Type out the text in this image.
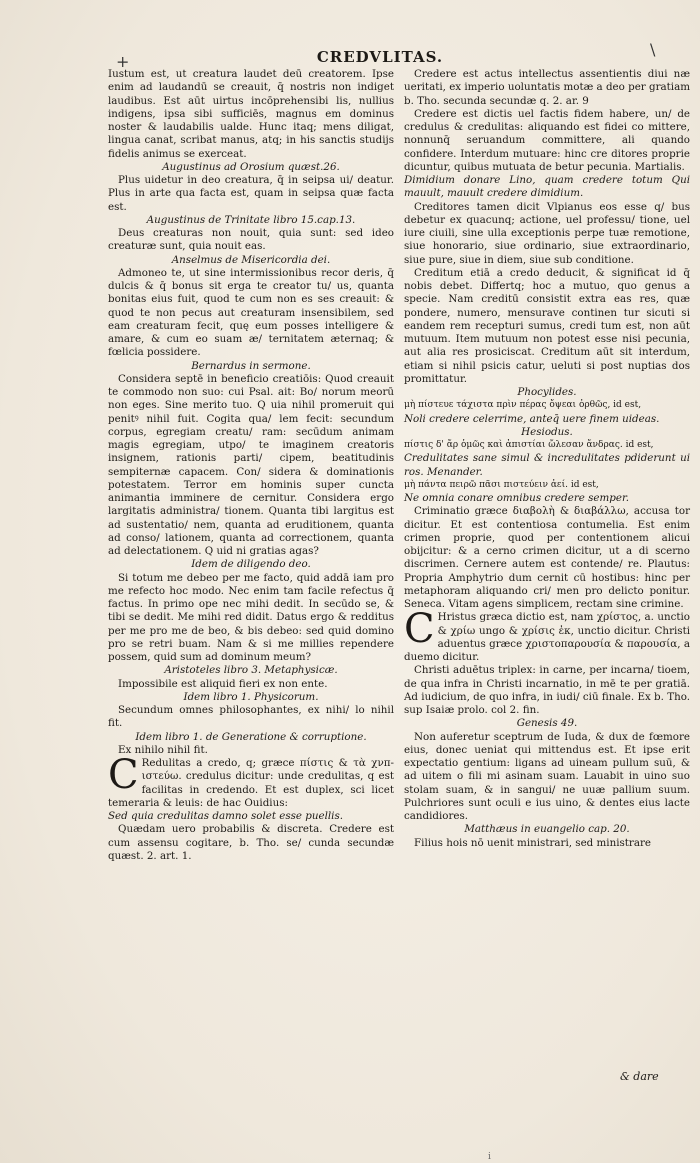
+
\
CREDVLITAS.

Iustum est, ut creatura laudet deū creatorem. Ipse enim ad laudandū se creauit, q̄ nostris non indiget laudibus. Est aūt uirtus incōprehensibi lis, nullius indigens, ipsa sibi sufficiēs, magnus em dominus noster & laudabilis ualde. Hunc itaq; mens diligat, lingua canat, scribat manus, atq; in his sanctis studijs fidelis animus se exerceat.

Augustinus ad Orosium quæst.26.

Plus uidetur in deo creatura, q̄ in seipsa ui/ deatur. Plus in arte qua facta est, quam in seipsa quæ facta est.

Augustinus de Trinitate libro 15.cap.13.

Deus creaturas non nouit, quia sunt: sed ideo creaturæ sunt, quia nouit eas.

Anselmus de Misericordia dei.

Admoneo te, ut sine intermissionibus recor deris, q̄ dulcis & q̄ bonus sit erga te creator tu/ us, quanta bonitas eius fuit, quod te cum non es ses creauit: & quod te non pecus aut creaturam insensibilem, sed eam creaturam fecit, quę eum posses intelligere & amare, & cum eo suam æ/ ternitatem æternaq; & fœlicia possidere.

Bernardus in sermone.

Considera septē in beneficio creatiōis: Quod creauit te commodo non suo: cui Psal. ait: Bo/ norum meorū non eges. Sine merito tuo. Q uia nihil promeruit qui penitꝰ nihil fuit. Cogita qua/ lem fecit: secundum corpus, egregiam creatu/ ram: secūdum animam magis egregiam, utpo/ te imaginem creatoris insignem, rationis parti/ cipem, beatitudinis sempiternæ capacem. Con/ sidera & dominationis potestatem. Terror em hominis super cuncta animantia imminere de cernitur. Considera ergo largitatis administra/ tionem. Quanta tibi largitus est ad sustentatio/ nem, quanta ad eruditionem, quanta ad conso/ lationem, quanta ad correctionem, quanta ad delectationem. Q uid ni gratias agas?

Idem de diligendo deo.

Si totum me debeo per me facto, quid addā iam pro me refecto hoc modo. Nec enim tam facile refectus q̄ factus. In primo ope nec mihi dedit. In secūdo se, & tibi se dedit. Me mihi red didit. Datus ergo & redditus per me pro me de beo, & bis debeo: sed quid domino pro se retri buam. Nam & si me millies rependere possem, quid sum ad dominum meum?

Aristoteles libro 3. Metaphysicæ.

Impossibile est aliquid fieri ex non ente.

Idem libro 1. Physicorum.

Secundum omnes philosophantes, ex nihi/ lo nihil fit.

Idem libro 1. de Generatione & corruptione.

Ex nihilo nihil fit.

C Redulitas a credo, q; græce πίστις & τὰ χνπ- ιστεύω. credulus dicitur: unde credulitas, q est facilitas in credendo. Et est duplex, sci licet temeraria & leuis: de hac Ouidius:

Sed quia credulitas damno solet esse puellis.

Quædam uero probabilis & discreta. Credere est cum assensu cogitare, b. Tho. se/ cunda secundæ quæst. 2. art. 1.

Credere est actus intellectus assentientis diui næ ueritati, ex imperio uoluntatis motæ a deo per gratiam b. Tho. secunda secundæ q. 2. ar. 9

Credere est dictis uel factis fidem habere, un/ de credulus & credulitas: aliquando est fidei co mittere, nonnunq̄ seruandum committere, ali quando confidere. Interdum mutuare: hinc cre ditores proprie dicuntur, quibus mutuata de betur pecunia. Martialis.

Dimidium donare Lino, quam credere totum Qui mauult, mauult credere dimidium.

Creditores tamen dicit Vlpianus eos esse q/ bus debetur ex quacunq; actione, uel professu/ tione, uel iure ciuili, sine ulla exceptionis perpe tuæ remotione, siue honorario, siue ordinario, siue extraordinario, siue pure, siue in diem, siue sub conditione.

Creditum etiā a credo deducit, & significat id q̄ nobis debet. Differtq; hoc a mutuo, quo genus a specie. Nam creditū consistit extra eas res, quæ pondere, numero, mensurave continen tur sicuti si eandem rem recepturi sumus, credi tum est, non aūt mutuum. Item mutuum non potest esse nisi pecunia, aut alia res prosiciscat. Creditum aūt sit interdum, etiam si nihil psicis catur, ueluti si post nuptias dos promittatur.

Phocylides.

μὴ πίστευε τάχιστα πρὶν πέρας ὄψεαι ὀρθῶς, id est,

Noli credere celerrime, anteq̄ uere finem uideas.

Hesiodus.

πίστις δ' ἄρ ὁμῶς καὶ ἀπιστίαι ὤλεσαν ἄνδρας. id est,

Credulitates sane simul & incredulitates pdiderunt ui ros. Menander.

μὴ πάντα πειρῶ πᾶσι πιστεύειν ἀεί. id est,

Ne omnia conare omnibus credere semper.

Criminatio græce διαβολὴ & διαβάλλω, accusa tor dicitur. Et est contentiosa contumelia. Est enim crimen proprie, quod per contentionem alicui obijcitur: & a cerno crimen dicitur, ut a di scerno discrimen. Cernere autem est contende/ re. Plautus: Propria Amphytrio dum cernit cū hostibus: hinc per metaphoram aliquando cri/ men pro delicto ponitur. Seneca. Vitam agens simplicem, rectam sine crimine.

C Hristus græca dictio est, nam χρίστος, a. unctio & χρίω ungo & χρίσις ἐκ, unctio dicitur. Christi aduentus græce χριστοπαρουσία & παρουσία, a duemo dicitur.

Christi aduētus triplex: in carne, per incarna/ tioem, de qua infra in Christi incarnatio, in mē te per gratiā. Ad iudicium, de quo infra, in iudi/ ciū finale. Ex b. Tho. sup Isaiæ prolo. col 2. fin.

Genesis 49.

Non auferetur sceptrum de Iuda, & dux de fœmore eius, donec ueniat qui mittendus est. Et ipse erit expectatio gentium: ligans ad uineam pullum suū, & ad uitem o fili mi asinam suam. Lauabit in uino suo stolam suam, & in sangui/ ne uuæ pallium suum. Pulchriores sunt oculi e ius uino, & dentes eius lacte candidiores.

Matthæus in euangelio cap. 20.

Filius hois nō uenit ministrari, sed ministrare

& dare
i
